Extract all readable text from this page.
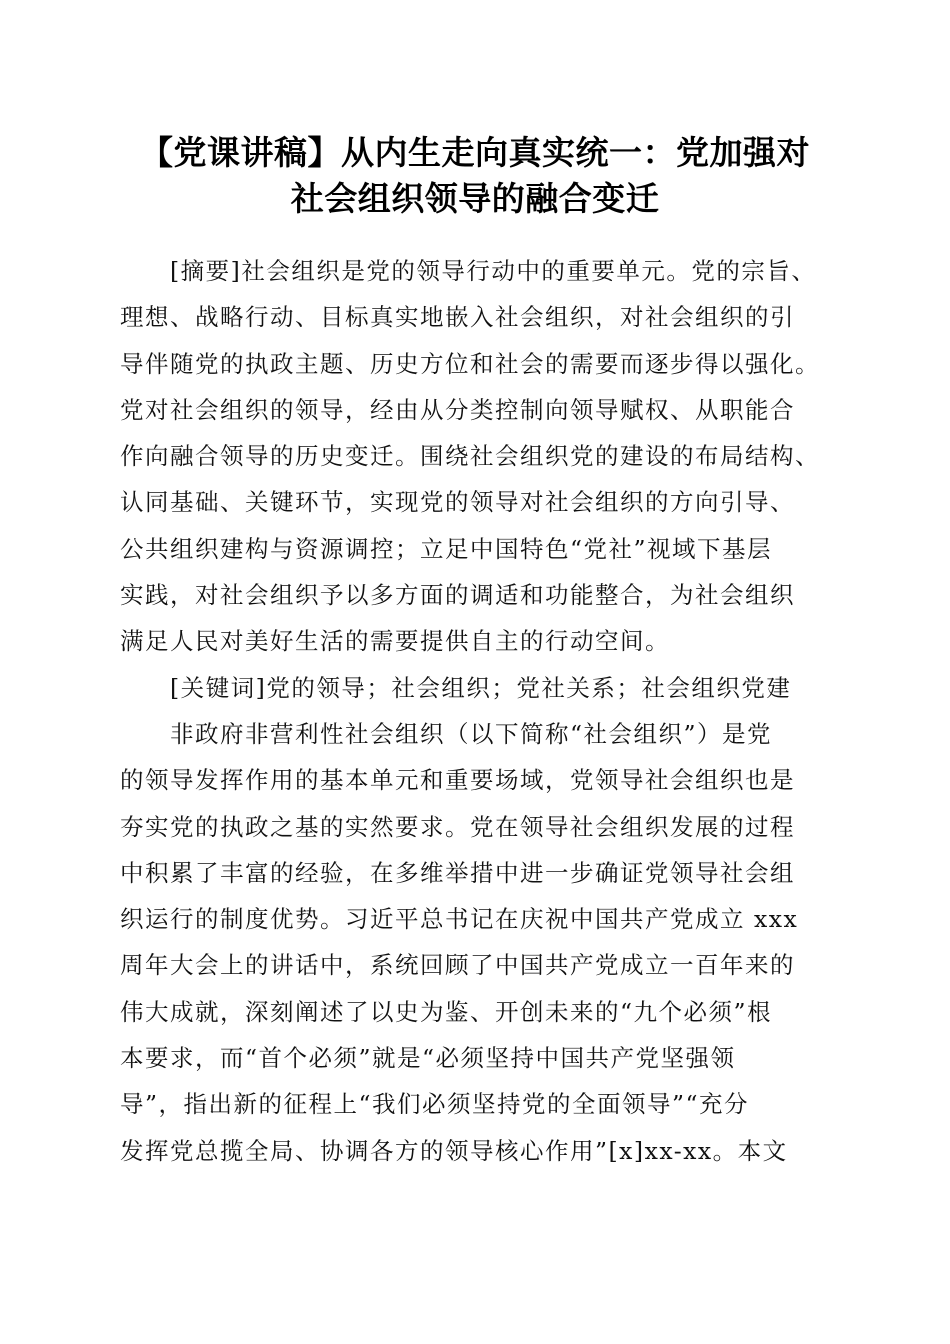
【党课讲稿】从内生走向真实统一：党加强对
社会组织领导的融合变迁

[摘要]社会组织是党的领导行动中的重要单元。党的宗旨、
理想、战略行动、目标真实地嵌入社会组织，对社会组织的引
导伴随党的执政主题、历史方位和社会的需要而逐步得以强化。
党对社会组织的领导，经由从分类控制向领导赋权、从职能合
作向融合领导的历史变迁。围绕社会组织党的建设的布局结构、
认同基础、关键环节，实现党的领导对社会组织的方向引导、
公共组织建构与资源调控；立足中国特色“党社”视域下基层
实践，对社会组织予以多方面的调适和功能整合，为社会组织
满足人民对美好生活的需要提供自主的行动空间。

[关键词]党的领导；社会组织；党社关系；社会组织党建

非政府非营利性社会组织（以下简称“社会组织”）是党
的领导发挥作用的基本单元和重要场域，党领导社会组织也是
夯实党的执政之基的实然要求。党在领导社会组织发展的过程
中积累了丰富的经验，在多维举措中进一步确证党领导社会组
织运行的制度优势。习近平总书记在庆祝中国共产党成立 xxx
周年大会上的讲话中，系统回顾了中国共产党成立一百年来的
伟大成就，深刻阐述了以史为鉴、开创未来的“九个必须”根
本要求，而“首个必须”就是“必须坚持中国共产党坚强领
导”，指出新的征程上“我们必须坚持党的全面领导”“充分
发挥党总揽全局、协调各方的领导核心作用”[x]xx-xx。本文
